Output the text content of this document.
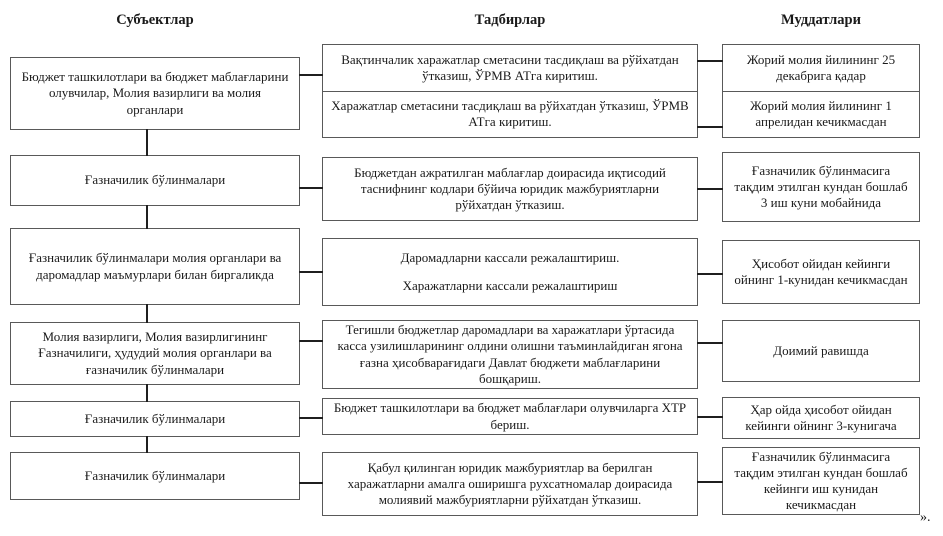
Субъектлар	Тадбирлар	Муддатлари
Бюджет ташкилотлари ва бюджет маблағларини олувчилар, Молия вазирлиги ва молия органлари
Вақтинчалик харажатлар сметасини тасдиқлаш ва рўйхатдан ўтказиш, ЎРМВ АТга киритиш.
Харажатлар сметасини тасдиқлаш ва рўйхатдан ўтказиш, ЎРМВ АТга киритиш.
Жорий молия йилининг 25 декабрига қадар
Жорий молия йилининг 1 апрелидан кечикмасдан
Ғазначилик бўлинмалари
Бюджетдан ажратилган маблағлар доирасида иқтисодий таснифнинг кодлари бўйича юридик мажбуриятларни рўйхатдан ўтказиш.
Ғазначилик бўлинмасига тақдим этилган кундан бошлаб 3 иш куни мобайнида
Ғазначилик бўлинмалари молия органлари ва даромадлар маъмурлари билан биргаликда
Даромадларни кассали режалаштириш.
Харажатларни кассали режалаштириш
Ҳисобот ойидан кейинги ойнинг 1-кунидан кечикмасдан
Молия вазирлиги, Молия вазирлигининг Ғазначилиги, ҳудудий молия органлари ва ғазначилик бўлинмалари
Тегишли бюджетлар даромадлари ва харажатлари ўртасида касса узилишларининг олдини олишни таъминлайдиган ягона ғазна ҳисобварағидаги Давлат бюджети маблағларини бошқариш.
Доимий равишда
Ғазначилик бўлинмалари
Бюджет ташкилотлари ва бюджет маблағлари олувчиларга ХТР бериш.
Ҳар ойда ҳисобот ойидан кейинги ойнинг 3-кунигача
Ғазначилик бўлинмалари
Қабул қилинган юридик мажбуриятлар ва берилган харажатларни амалга оширишга рухсатномалар доирасида молиявий мажбуриятларни рўйхатдан ўтказиш.
Ғазначилик бўлинмасига тақдим этилган кундан бошлаб кейинги иш кунидан кечикмасдан
».
